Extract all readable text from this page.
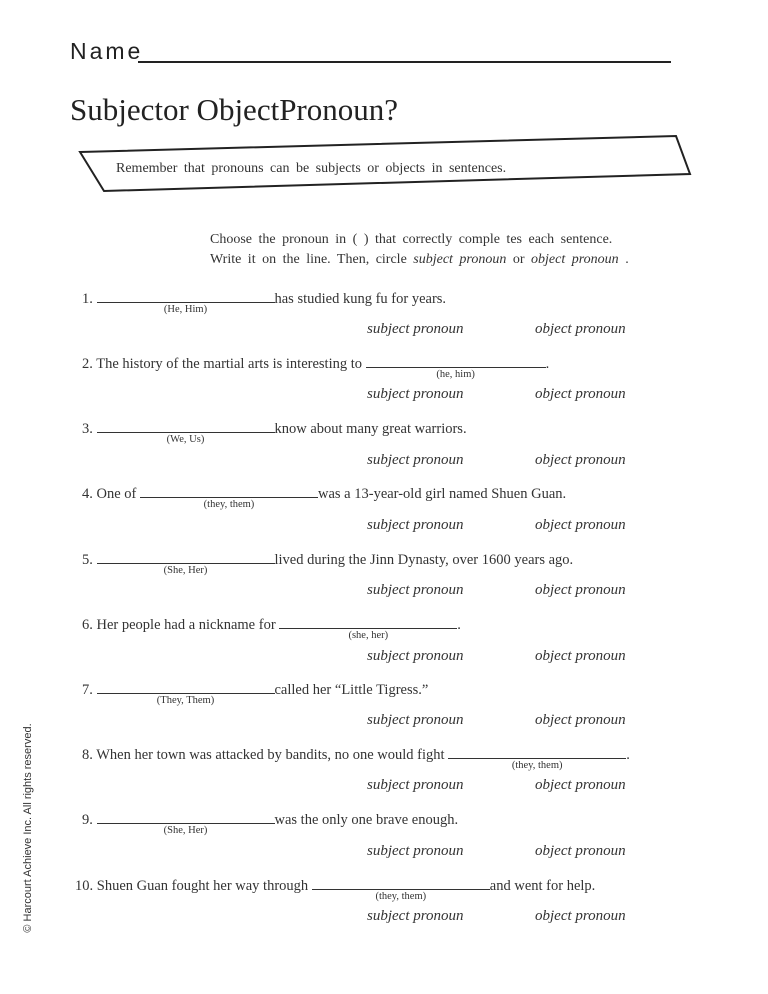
Name
Subjector ObjectPronoun?
Remember that pronouns can be subjects or objects in sentences.
Choose the pronoun in ( ) that correctly comple tes each sentence.
Write it on the line. Then, circle subject pronoun or object pronoun .
1.
(He, Him)
has studied kung fu for years.
subject pronoun	object pronoun
2. The history of the martial arts is interesting to
(he, him)
.
subject pronoun	object pronoun
3.
(We, Us)
know about many great warriors.
subject pronoun	object pronoun
4. One of
(they, them)
was a 13-year-old girl named Shuen Guan.
subject pronoun	object pronoun
5.
(She, Her)
lived during the Jinn Dynasty, over 1600 years ago.
subject pronoun	object pronoun
6. Her people had a nickname for
(she, her)
.
subject pronoun	object pronoun
7.
(They, Them)
called her “Little Tigress.”
subject pronoun	object pronoun
8. When her town was attacked by bandits, no one would fight
(they, them)
.
subject pronoun	object pronoun
9.
(She, Her)
was the only one brave enough.
subject pronoun	object pronoun
10. Shuen Guan fought her way through
(they, them)
and went for help.
subject pronoun	object pronoun
© Harcourt Achieve Inc. All rights reserved.
